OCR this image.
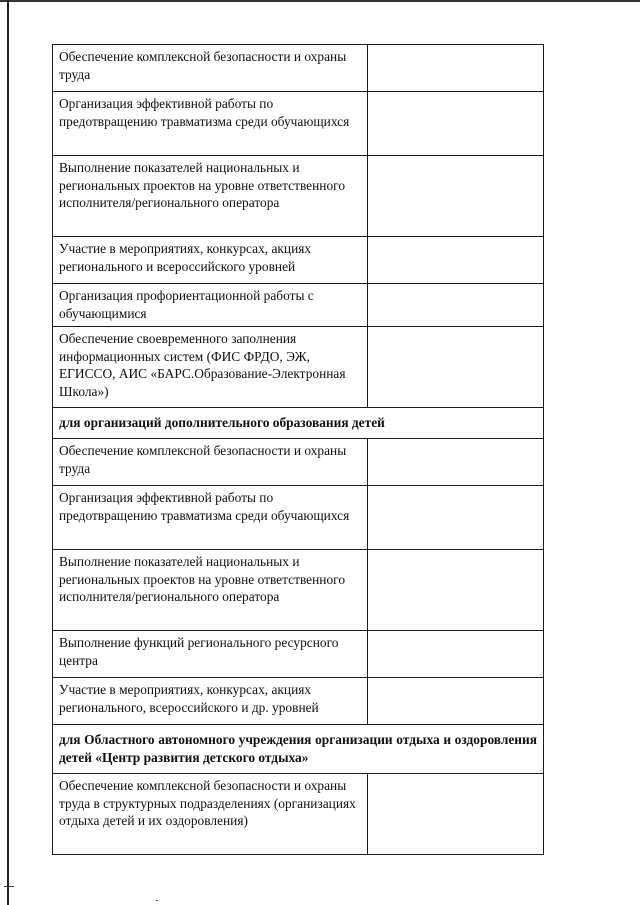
Обеспечение комплексной безопасности и охраны труда	
Организация эффективной работы по предотвращению травматизма среди обучающихся	
Выполнение показателей национальных и региональных проектов на уровне ответственного исполнителя/регионального оператора	
Участие в мероприятиях, конкурсах, акциях регионального и всероссийского уровней	
Организация профориентационной работы с обучающимися	
Обеспечение своевременного заполнения информационных систем (ФИС ФРДО, ЭЖ, ЕГИССО, АИС «БАРС.Образование-Электронная Школа»)	
для организаций дополнительного образования детей	
Обеспечение комплексной безопасности и охраны труда	
Организация эффективной работы по предотвращению травматизма среди обучающихся	
Выполнение показателей национальных и региональных проектов на уровне ответственного исполнителя/регионального оператора	
Выполнение функций регионального ресурсного центра	
Участие в мероприятиях, конкурсах, акциях регионального, всероссийского и др. уровней	
для Областного автономного учреждения организации отдыха и оздоровления детей «Центр развития детского отдыха»	
Обеспечение комплексной безопасности и охраны труда в структурных подразделениях (организациях отдыха детей и их оздоровления)	
